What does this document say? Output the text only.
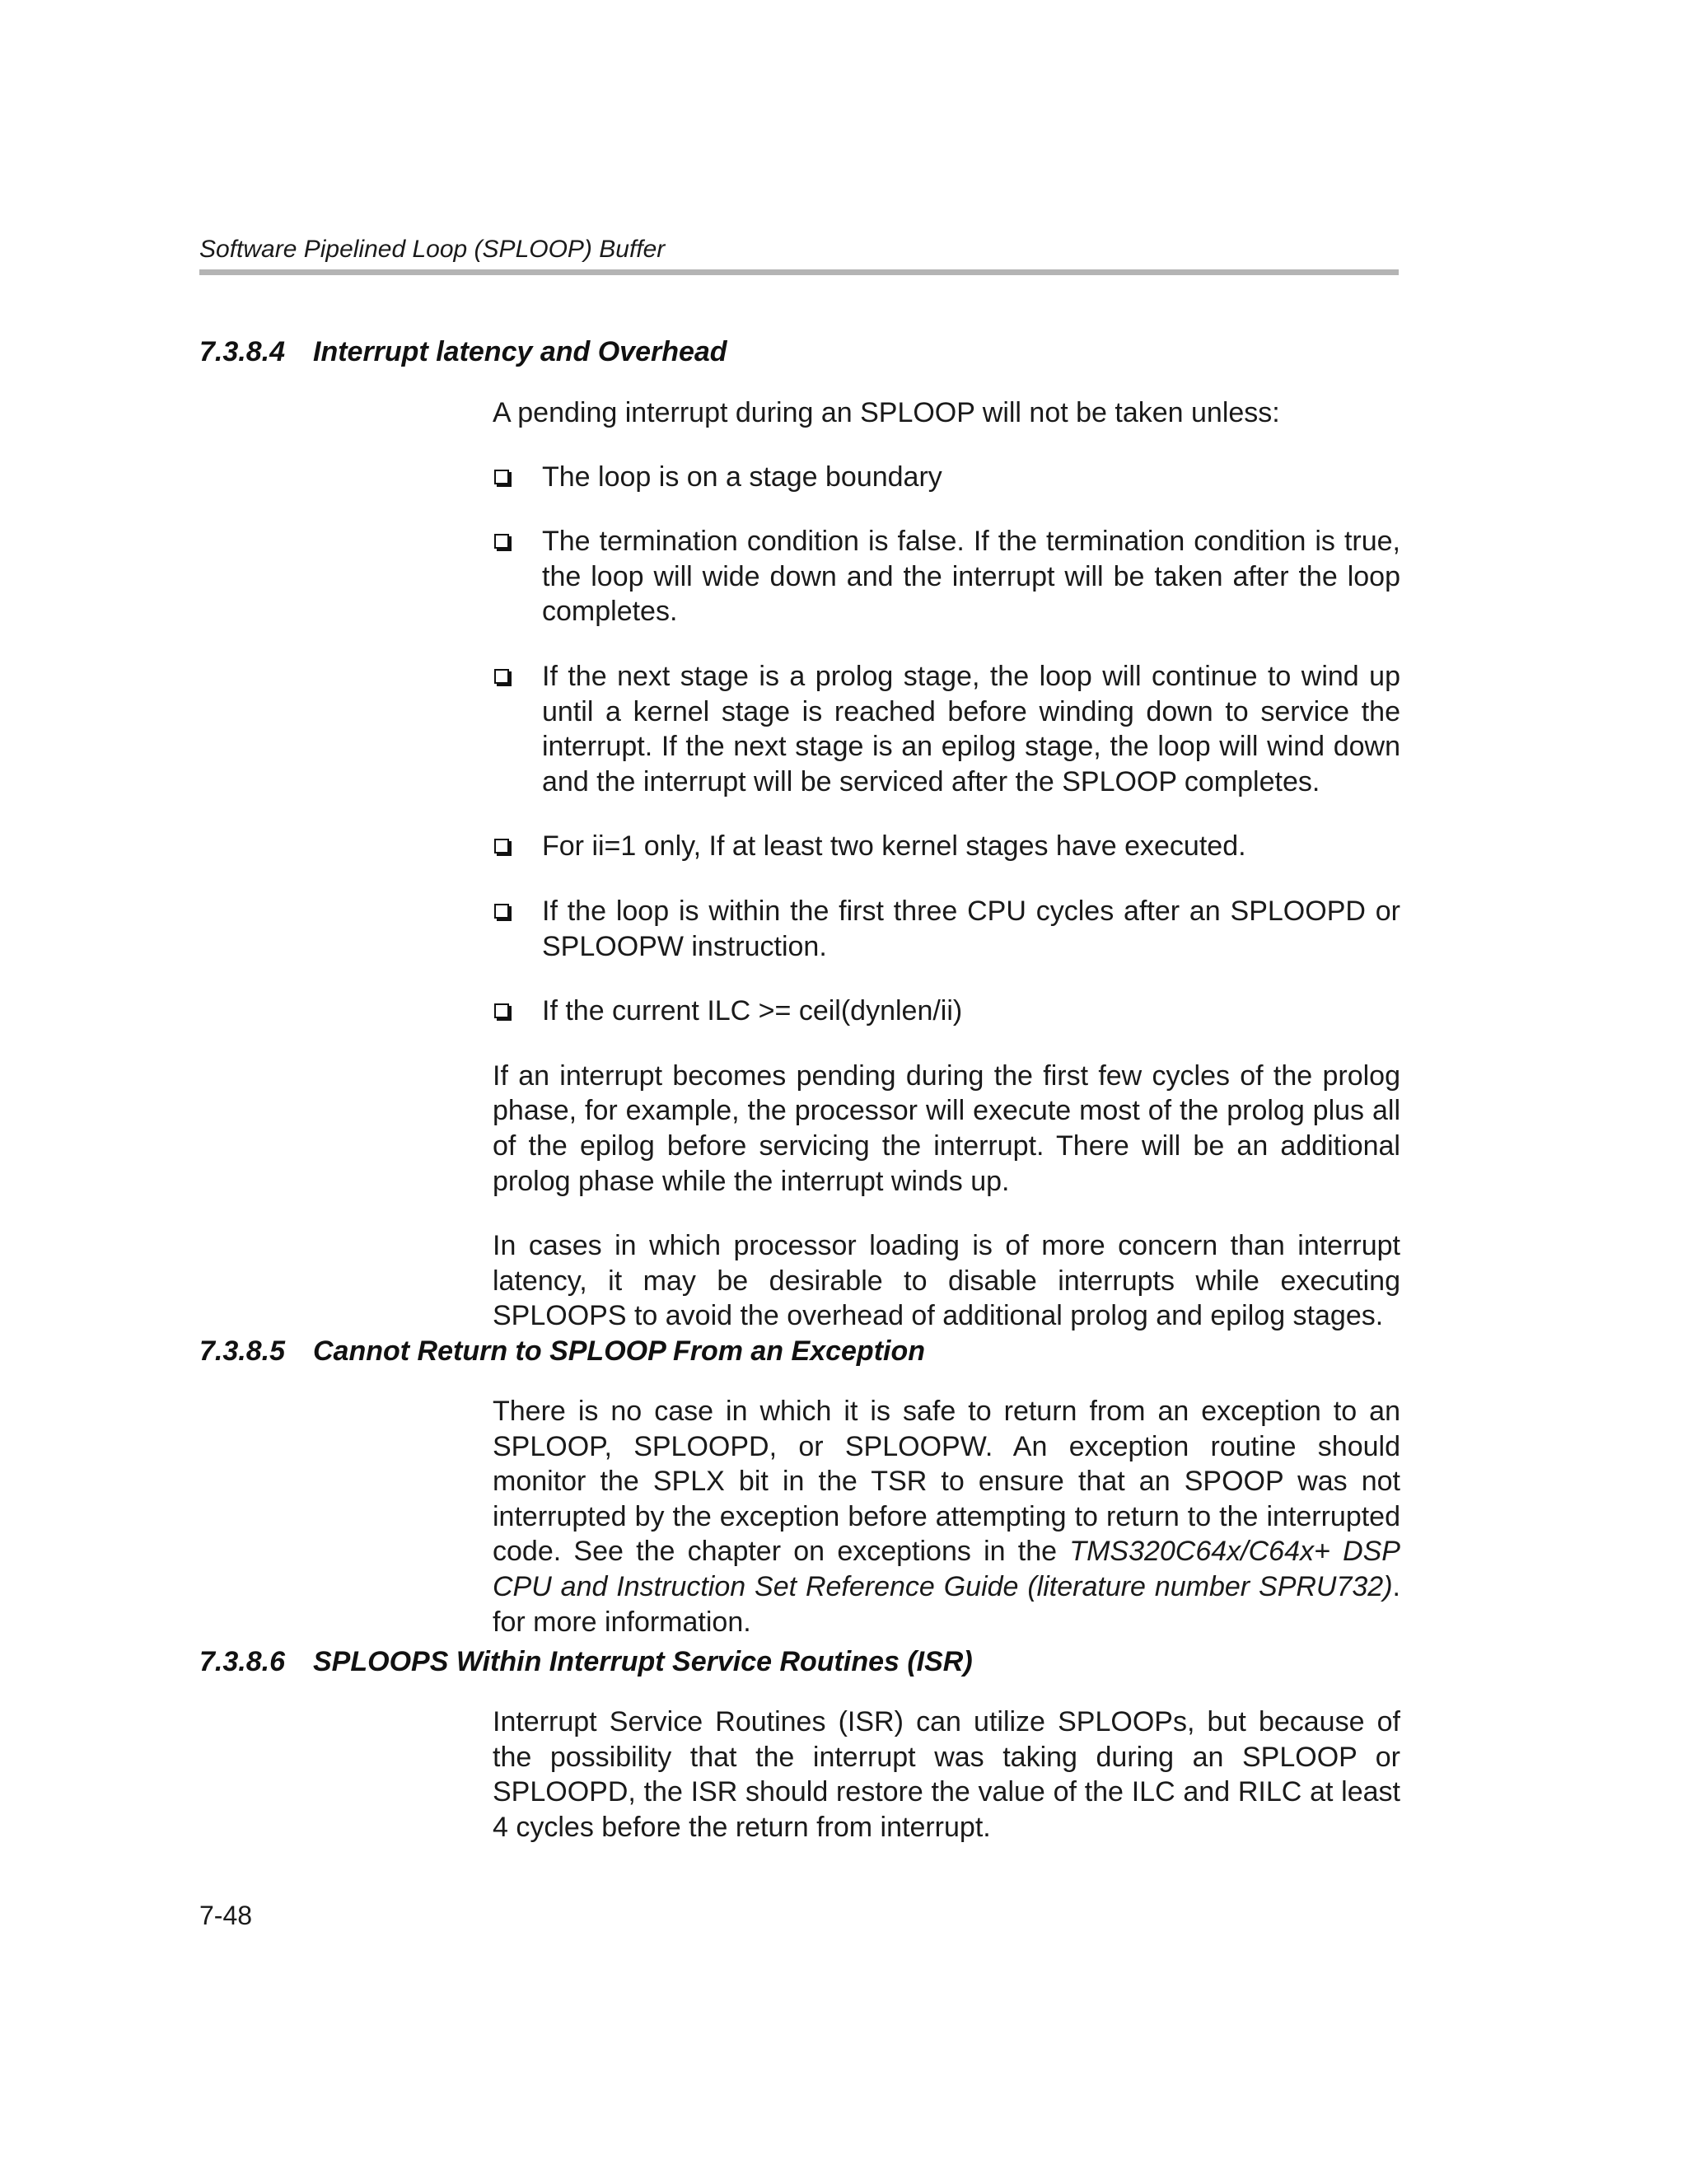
Software Pipelined Loop (SPLOOP) Buffer
7.3.8.4 Interrupt latency and Overhead

A pending interrupt during an SPLOOP will not be taken unless:

The loop is on a stage boundary
The termination condition is false. If the termination condition is true, the loop will wide down and the interrupt will be taken after the loop completes.
If the next stage is a prolog stage, the loop will continue to wind up until a kernel stage is reached before winding down to service the interrupt. If the next stage is an epilog stage, the loop will wind down and the interrupt will be serviced after the SPLOOP completes.
For ii=1 only, If at least two kernel stages have executed.
If the loop is within the first three CPU cycles after an SPLOOPD or SPLOOPW instruction.
If the current ILC >= ceil(dynlen/ii)

If an interrupt becomes pending during the first few cycles of the prolog phase, for example, the processor will execute most of the prolog plus all of the epilog before servicing the interrupt. There will be an additional prolog phase while the interrupt winds up.

In cases in which processor loading is of more concern than interrupt latency, it may be desirable to disable interrupts while executing SPLOOPS to avoid the overhead of additional prolog and epilog stages.

7.3.8.5 Cannot Return to SPLOOP From an Exception

There is no case in which it is safe to return from an exception to an SPLOOP, SPLOOPD, or SPLOOPW. An exception routine should monitor the SPLX bit in the TSR to ensure that an SPOOP was not interrupted by the exception before attempting to return to the interrupted code. See the chapter on exceptions in the TMS320C64x/C64x+ DSP CPU and Instruction Set Reference Guide (literature number SPRU732). for more information.

7.3.8.6 SPLOOPS Within Interrupt Service Routines (ISR)

Interrupt Service Routines (ISR) can utilize SPLOOPs, but because of the possibility that the interrupt was taking during an SPLOOP or SPLOOPD, the ISR should restore the value of the ILC and RILC at least 4 cycles before the return from interrupt.

7-48
